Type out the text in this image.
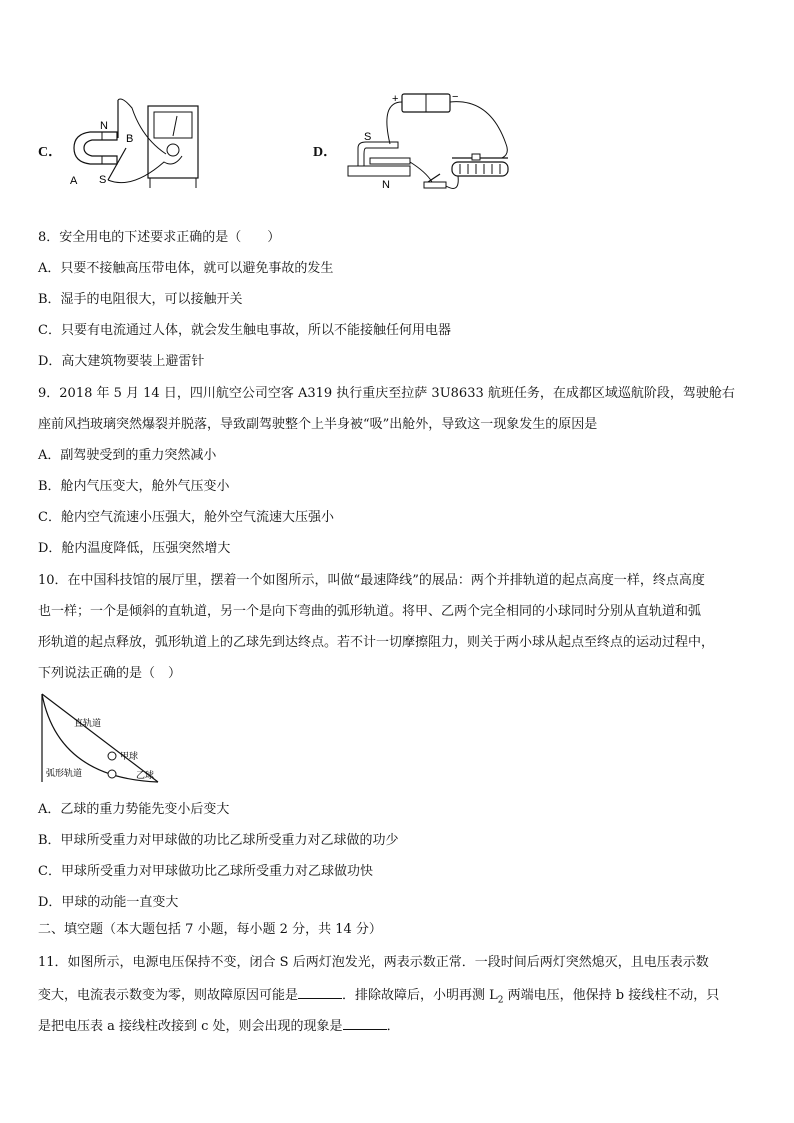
C．
N
S
A
B
D．
+	−
S
N
8．安全用电的下述要求正确的是（　　）
A．只要不接触高压带电体，就可以避免事故的发生
B．湿手的电阻很大，可以接触开关
C．只要有电流通过人体，就会发生触电事故，所以不能接触任何用电器
D．高大建筑物要装上避雷针
9．2018 年 5 月 14 日，四川航空公司空客 A319 执行重庆至拉萨 3U8633 航班任务，在成都区域巡航阶段，驾驶舱右
座前风挡玻璃突然爆裂并脱落，导致副驾驶整个上半身被“吸”出舱外，导致这一现象发生的原因是
A．副驾驶受到的重力突然减小
B．舱内气压变大，舱外气压变小
C．舱内空气流速小压强大，舱外空气流速大压强小
D．舱内温度降低，压强突然增大
10．在中国科技馆的展厅里，摆着一个如图所示，叫做“最速降线”的展品：两个并排轨道的起点高度一样，终点高度
也一样；一个是倾斜的直轨道，另一个是向下弯曲的弧形轨道。将甲、乙两个完全相同的小球同时分别从直轨道和弧
形轨道的起点释放，弧形轨道上的乙球先到达终点。若不计一切摩擦阻力，则关于两小球从起点至终点的运动过程中，
下列说法正确的是（　）
直轨道
弧形轨道
甲球
乙球
A．乙球的重力势能先变小后变大
B．甲球所受重力对甲球做的功比乙球所受重力对乙球做的功少
C．甲球所受重力对甲球做功比乙球所受重力对乙球做功快
D．甲球的动能一直变大
二、填空题（本大题包括 7 小题，每小题 2 分，共 14 分）
11．如图所示，电源电压保持不变，闭合 S 后两灯泡发光，两表示数正常．一段时间后两灯突然熄灭，且电压表示数
变大，电流表示数变为零，则故障原因可能是	．排除故障后，小明再测 $L_2$ 两端电压，他保持 b 接线柱不动，只
是把电压表 a 接线柱改接到 c 处，则会出现的现象是	．
